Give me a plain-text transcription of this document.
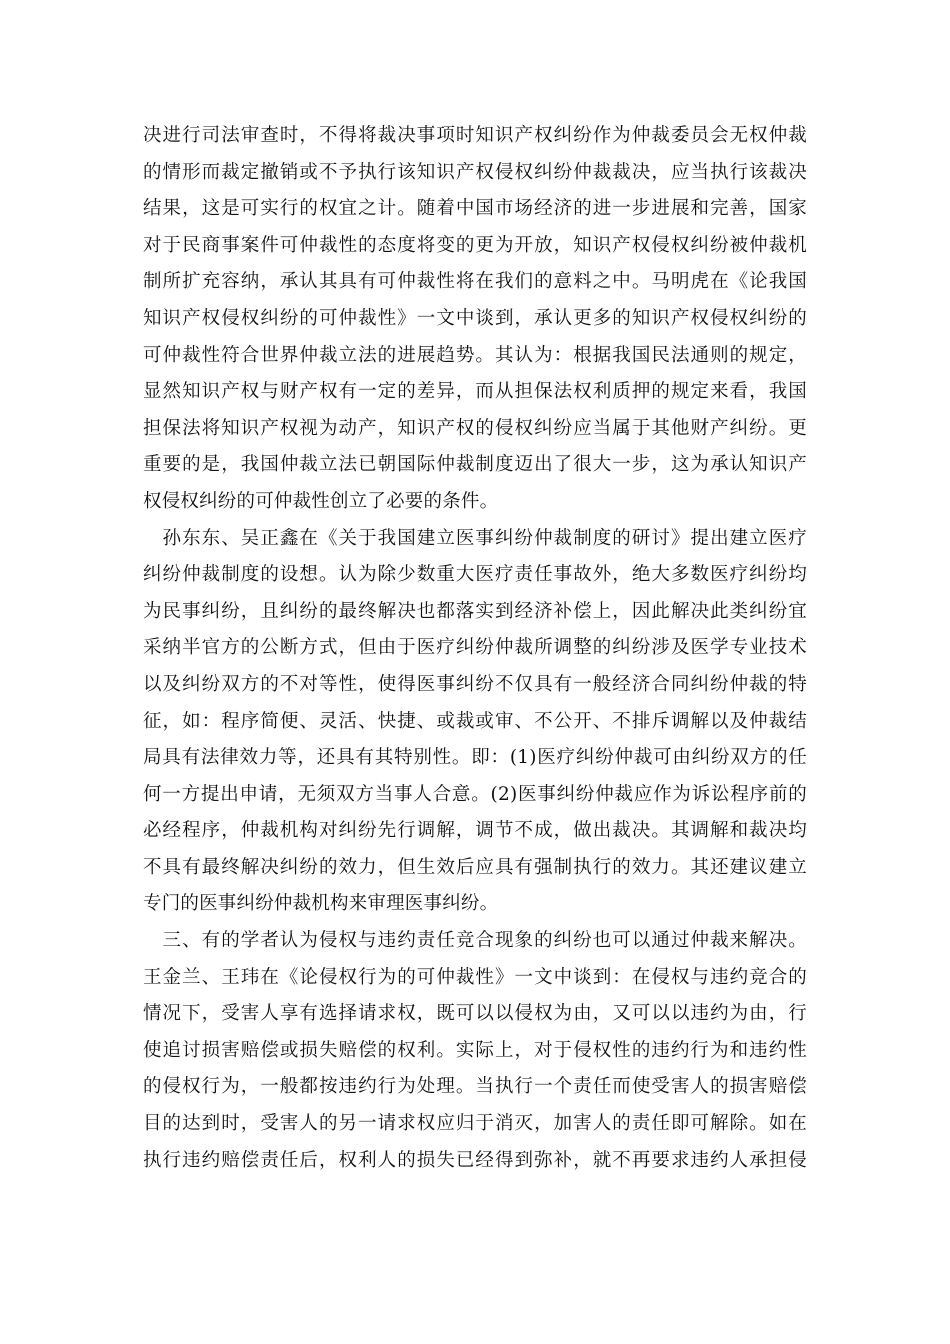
决进行司法审查时，不得将裁决事项时知识产权纠纷作为仲裁委员会无权仲裁
的情形而裁定撤销或不予执行该知识产权侵权纠纷仲裁裁决，应当执行该裁决
结果，这是可实行的权宜之计。随着中国市场经济的进一步进展和完善，国家
对于民商事案件可仲裁性的态度将变的更为开放，知识产权侵权纠纷被仲裁机
制所扩充容纳，承认其具有可仲裁性将在我们的意料之中。马明虎在《论我国
知识产权侵权纠纷的可仲裁性》一文中谈到，承认更多的知识产权侵权纠纷的
可仲裁性符合世界仲裁立法的进展趋势。其认为：根据我国民法通则的规定，
显然知识产权与财产权有一定的差异，而从担保法权利质押的规定来看，我国
担保法将知识产权视为动产，知识产权的侵权纠纷应当属于其他财产纠纷。更
重要的是，我国仲裁立法已朝国际仲裁制度迈出了很大一步，这为承认知识产
权侵权纠纷的可仲裁性创立了必要的条件。
　孙东东、吴正鑫在《关于我国建立医事纠纷仲裁制度的研讨》提出建立医疗
纠纷仲裁制度的设想。认为除少数重大医疗责任事故外，绝大多数医疗纠纷均
为民事纠纷，且纠纷的最终解决也都落实到经济补偿上，因此解决此类纠纷宜
采纳半官方的公断方式，但由于医疗纠纷仲裁所调整的纠纷涉及医学专业技术
以及纠纷双方的不对等性，使得医事纠纷不仅具有一般经济合同纠纷仲裁的特
征，如：程序简便、灵活、快捷、或裁或审、不公开、不排斥调解以及仲裁结
局具有法律效力等，还具有其特别性。即：(1)医疗纠纷仲裁可由纠纷双方的任
何一方提出申请，无须双方当事人合意。(2)医事纠纷仲裁应作为诉讼程序前的
必经程序，仲裁机构对纠纷先行调解，调节不成，做出裁决。其调解和裁决均
不具有最终解决纠纷的效力，但生效后应具有强制执行的效力。其还建议建立
专门的医事纠纷仲裁机构来审理医事纠纷。
　三、有的学者认为侵权与违约责任竞合现象的纠纷也可以通过仲裁来解决。
王金兰、王玮在《论侵权行为的可仲裁性》一文中谈到：在侵权与违约竞合的
情况下，受害人享有选择请求权，既可以以侵权为由，又可以以违约为由，行
使追讨损害赔偿或损失赔偿的权利。实际上，对于侵权性的违约行为和违约性
的侵权行为，一般都按违约行为处理。当执行一个责任而使受害人的损害赔偿
目的达到时，受害人的另一请求权应归于消灭，加害人的责任即可解除。如在
执行违约赔偿责任后，权利人的损失已经得到弥补，就不再要求违约人承担侵
